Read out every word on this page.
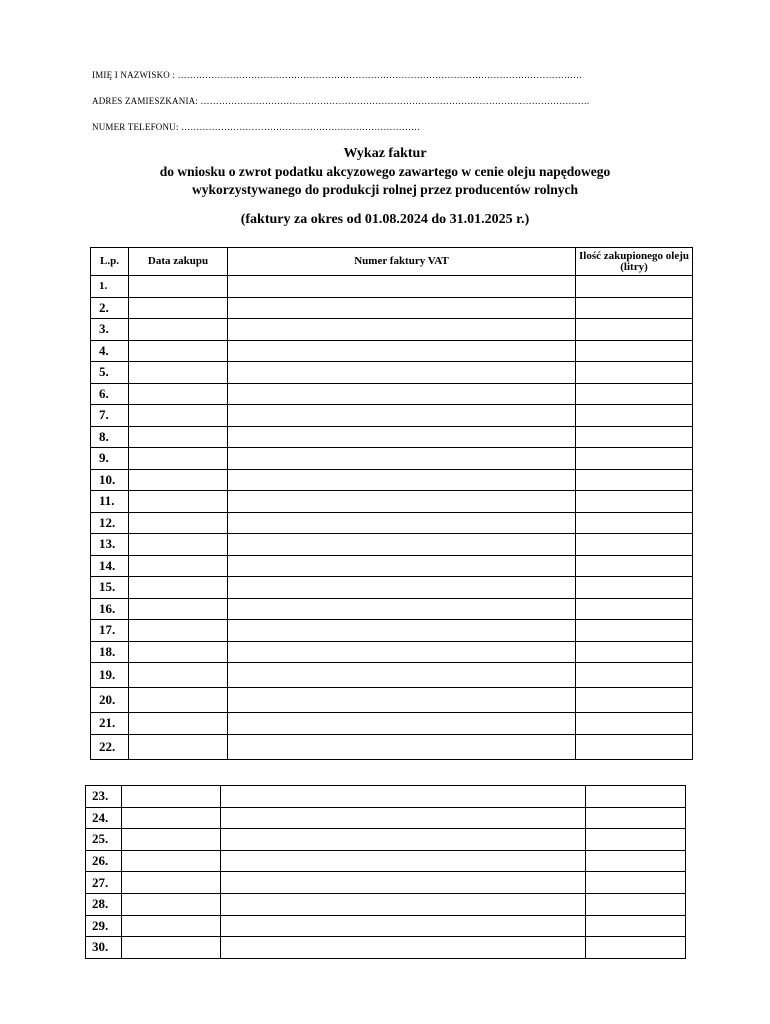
IMIĘ I NAZWISKO : ……………………………………………………………………………………………………………………
ADRES ZAMIESZKANIA: ……………………………………………………………………………………………………………….
NUMER TELEFONU: ……………………………………………………………………
Wykaz faktur
do wniosku o zwrot podatku akcyzowego zawartego w cenie oleju napędowego
wykorzystywanego do produkcji rolnej przez producentów rolnych
(faktury za okres od 01.08.2024 do 31.01.2025 r.)
L.p.	Data zakupu	Numer faktury VAT	Ilość zakupionego oleju (litry)
1.			
2.			
3.			
4.			
5.			
6.			
7.			
8.			
9.			
10.			
11.			
12.			
13.			
14.			
15.			
16.			
17.			
18.			
19.			
20.			
21.			
22.			
23.			
24.			
25.			
26.			
27.			
28.			
29.			
30.			
